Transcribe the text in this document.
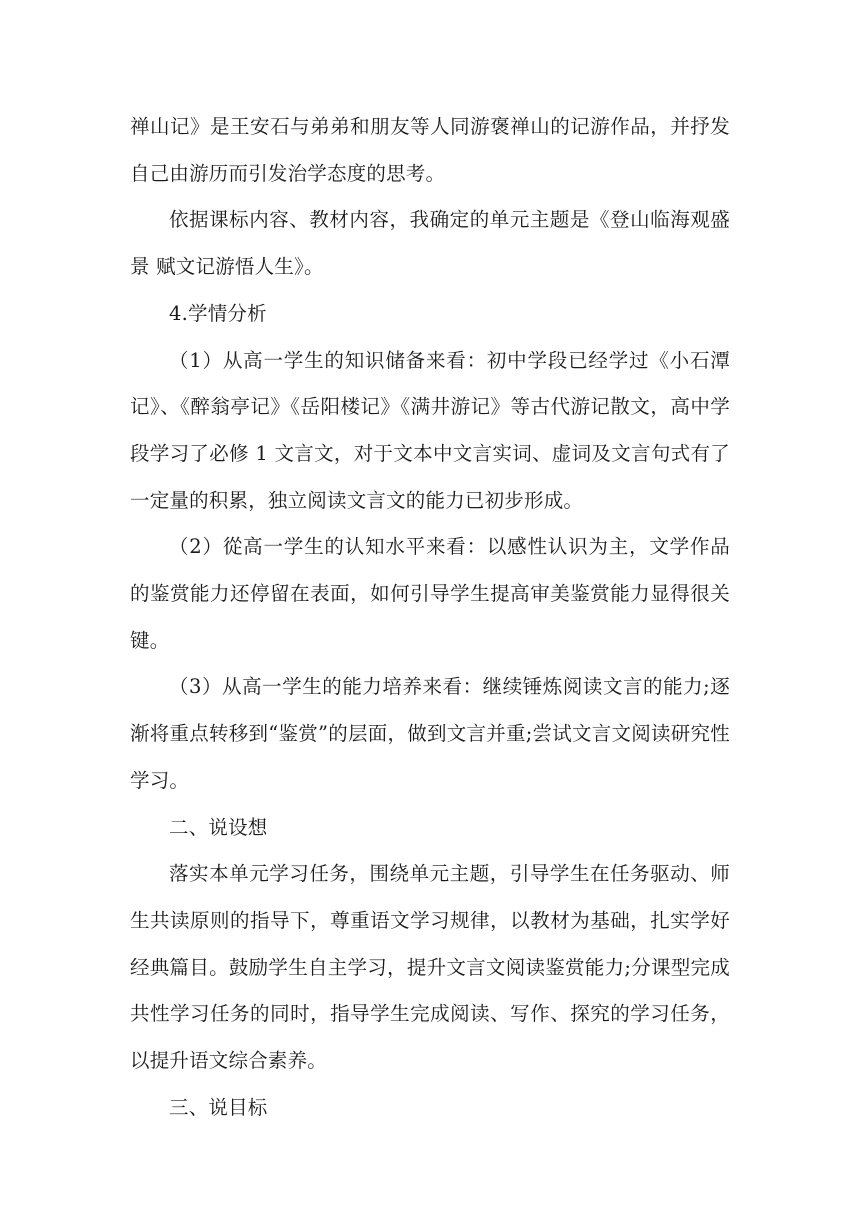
禅山记》是王安石与弟弟和朋友等人同游褒禅山的记游作品，并抒发自己由游历而引发治学态度的思考。

依据课标内容、教材内容，我确定的单元主题是《登山临海观盛景 赋文记游悟人生》。

4.学情分析

（1）从高一学生的知识储备来看：初中学段已经学过《小石潭记》、《醉翁亭记》《岳阳楼记》《满井游记》等古代游记散文，高中学段学习了必修 1 文言文，对于文本中文言实词、虚词及文言句式有了一定量的积累，独立阅读文言文的能力已初步形成。

（2）從高一学生的认知水平来看：以感性认识为主，文学作品的鉴赏能力还停留在表面，如何引导学生提高审美鉴赏能力显得很关键。

（3）从高一学生的能力培养来看：继续锤炼阅读文言的能力;逐渐将重点转移到“鉴赏”的层面，做到文言并重;尝试文言文阅读研究性学习。

二、说设想

落实本单元学习任务，围绕单元主题，引导学生在任务驱动、师生共读原则的指导下，尊重语文学习规律，以教材为基础，扎实学好经典篇目。鼓励学生自主学习，提升文言文阅读鉴赏能力;分课型完成共性学习任务的同时，指导学生完成阅读、写作、探究的学习任务，以提升语文综合素养。

三、说目标
